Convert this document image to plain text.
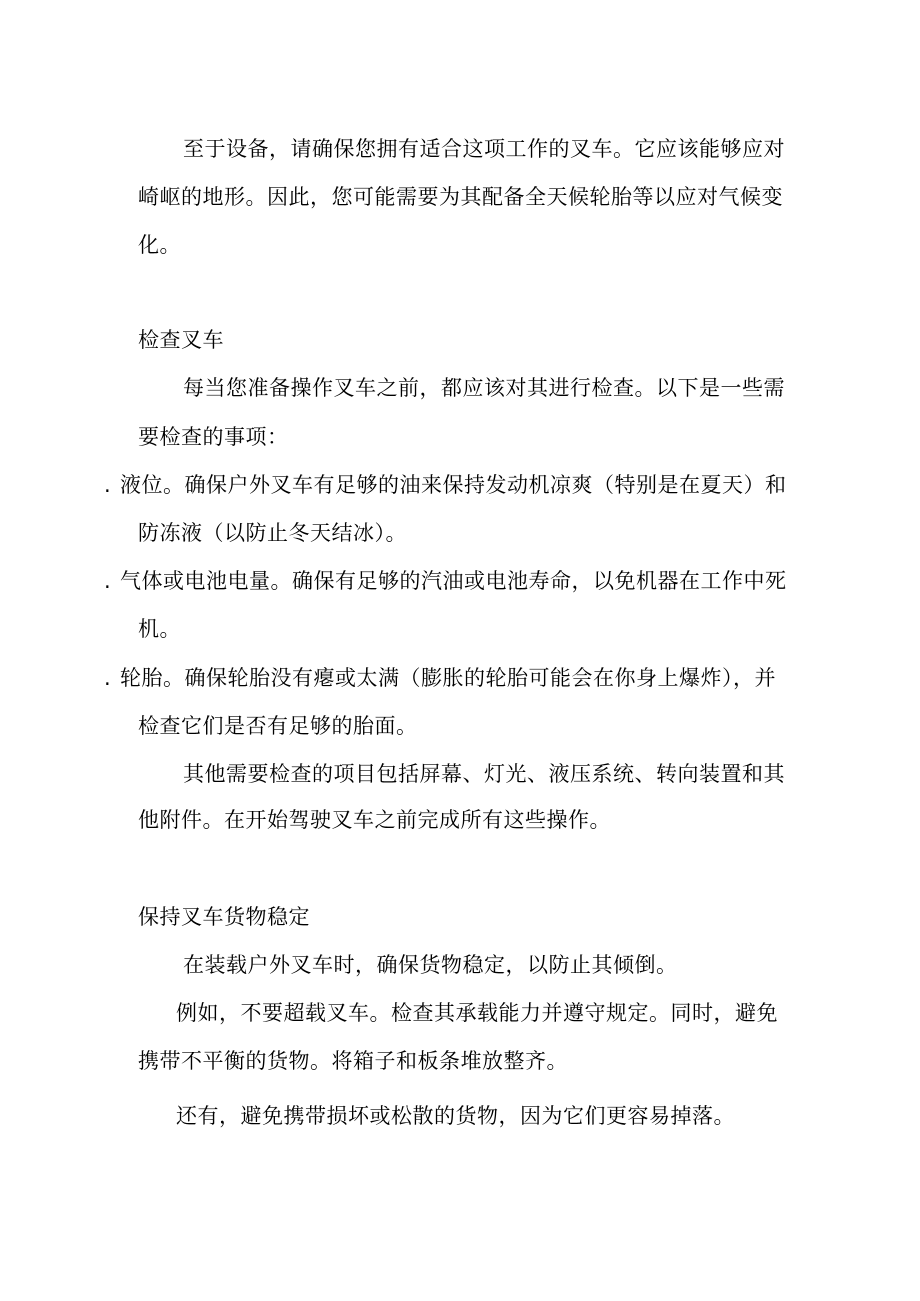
至于设备，请确保您拥有适合这项工作的叉车。它应该能够应对
崎岖的地形。因此，您可能需要为其配备全天候轮胎等以应对气候变
化。
检查叉车
每当您准备操作叉车之前，都应该对其进行检查。以下是一些需
要检查的事项：
. 液位。确保户外叉车有足够的油来保持发动机凉爽（特别是在夏天）和
防冻液（以防止冬天结冰）。
. 气体或电池电量。确保有足够的汽油或电池寿命，以免机器在工作中死
机。
. 轮胎。确保轮胎没有瘪或太满（膨胀的轮胎可能会在你身上爆炸），并
检查它们是否有足够的胎面。
其他需要检查的项目包括屏幕、灯光、液压系统、转向装置和其
他附件。在开始驾驶叉车之前完成所有这些操作。
保持叉车货物稳定
在装载户外叉车时，确保货物稳定，以防止其倾倒。
例如，不要超载叉车。检查其承载能力并遵守规定。同时，避免
携带不平衡的货物。将箱子和板条堆放整齐。
还有，避免携带损坏或松散的货物，因为它们更容易掉落。
